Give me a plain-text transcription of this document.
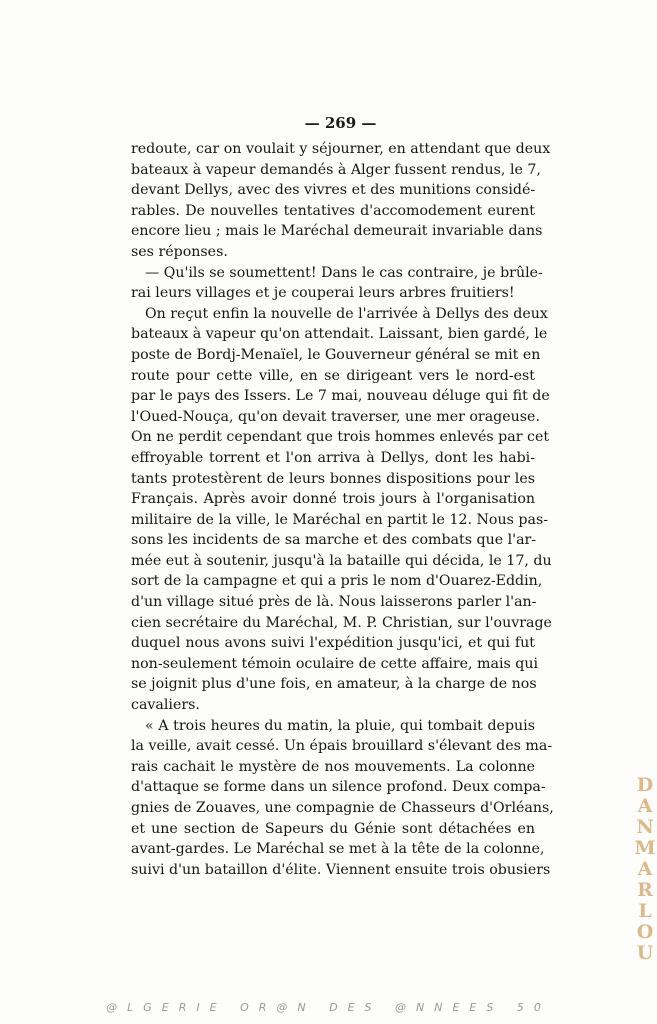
— 269 —
redoute, car on voulait y séjourner, en attendant que deux
bateaux à vapeur demandés à Alger fussent rendus, le 7,
devant Dellys, avec des vivres et des munitions considé-
rables. De nouvelles tentatives d'accomodement eurent
encore lieu ; mais le Maréchal demeurait invariable dans
ses réponses.
— Qu'ils se soumettent! Dans le cas contraire, je brûle-
rai leurs villages et je couperai leurs arbres fruitiers!
On reçut enfin la nouvelle de l'arrivée à Dellys des deux
bateaux à vapeur qu'on attendait. Laissant, bien gardé, le
poste de Bordj-Menaïel, le Gouverneur général se mit en
route pour cette ville, en se dirigeant vers le nord-est
par le pays des Issers. Le 7 mai, nouveau déluge qui fit de
l'Oued-Nouça, qu'on devait traverser, une mer orageuse.
On ne perdit cependant que trois hommes enlevés par cet
effroyable torrent et l'on arriva à Dellys, dont les habi-
tants protestèrent de leurs bonnes dispositions pour les
Français. Après avoir donné trois jours à l'organisation
militaire de la ville, le Maréchal en partit le 12. Nous pas-
sons les incidents de sa marche et des combats que l'ar-
mée eut à soutenir, jusqu'à la bataille qui décida, le 17, du
sort de la campagne et qui a pris le nom d'Ouarez-Eddin,
d'un village situé près de là. Nous laisserons parler l'an-
cien secrétaire du Maréchal, M. P. Christian, sur l'ouvrage
duquel nous avons suivi l'expédition jusqu'ici, et qui fut
non-seulement témoin oculaire de cette affaire, mais qui
se joignit plus d'une fois, en amateur, à la charge de nos
cavaliers.
« A trois heures du matin, la pluie, qui tombait depuis
la veille, avait cessé. Un épais brouillard s'élevant des ma-
rais cachait le mystère de nos mouvements. La colonne
d'attaque se forme dans un silence profond. Deux compa-
gnies de Zouaves, une compagnie de Chasseurs d'Orléans,
et une section de Sapeurs du Génie sont détachées en
avant-gardes. Le Maréchal se met à la tête de la colonne,
suivi d'un bataillon d'élite. Viennent ensuite trois obusiers
D
A
N
M
A
R
L
O
U
@LGERIE OR@N DES @NNEES 50
